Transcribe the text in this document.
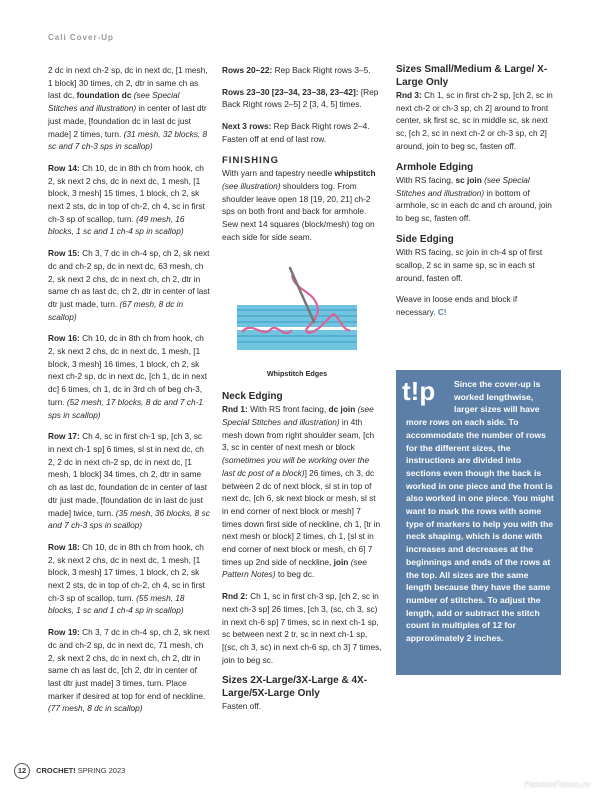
Cali Cover-Up

2 dc in next ch-2 sp, dc in next dc, [1 mesh, 1 block] 30 times, ch 2, dtr in same ch as last dc, foundation dc (see Special Stitches and illustration) in center of last dtr just made, [foundation dc in last dc just made] 2 times, turn. (31 mesh, 32 blocks, 8 sc and 7 ch-3 sps in scallop)

Row 14: Ch 10, dc in 8th ch from hook, ch 2, sk next 2 chs, dc in next dc, 1 mesh, [1 block, 3 mesh] 15 times, 1 block, ch 2, sk next 2 sts, dc in top of ch-2, ch 4, sc in first ch-3 sp of scallop, turn. (49 mesh, 16 blocks, 1 sc and 1 ch-4 sp in scallop)

Row 15: Ch 3, 7 dc in ch-4 sp, ch 2, sk next dc and ch-2 sp, dc in next dc, 63 mesh, ch 2, sk next 2 chs, dc in next ch, ch 2, dtr in same ch as last dc, ch 2, dtr in center of last dtr just made, turn. (67 mesh, 8 dc in scallop)

Row 16: Ch 10, dc in 8th ch from hook, ch 2, sk next 2 chs, dc in next dc, 1 mesh, [1 block, 3 mesh] 16 times, 1 block, ch 2, sk next ch-2 sp, dc in next dc, [ch 1, dc in next dc] 6 times, ch 1, dc in 3rd ch of beg ch-3, turn. (52 mesh, 17 blocks, 8 dc and 7 ch-1 sps in scallop)

Row 17: Ch 4, sc in first ch-1 sp, [ch 3, sc in next ch-1 sp] 6 times, sl st in next dc, ch 2, 2 dc in next ch-2 sp, dc in next dc, [1 mesh, 1 block] 34 times, ch 2, dtr in same ch as last dc, foundation dc in center of last dtr just made, [foundation dc in last dc just made] twice, turn. (35 mesh, 36 blocks, 8 sc and 7 ch-3 sps in scallop)

Row 18: Ch 10, dc in 8th ch from hook, ch 2, sk next 2 chs, dc in next dc, 1 mesh, [1 block, 3 mesh] 17 times, 1 block, ch 2, sk next 2 sts, dc in top of ch-2, ch 4, sc in first ch-3 sp of scallop, turn. (55 mesh, 18 blocks, 1 sc and 1 ch-4 sp in scallop)

Row 19: Ch 3, 7 dc in ch-4 sp, ch 2, sk next dc and ch-2 sp, dc in next dc, 71 mesh, ch 2, sk next 2 chs, dc in next ch, ch 2, dtr in same ch as last dc, [ch 2, dtr in center of last dtr just made] 3 times, turn. Place marker if desired at top for end of neckline. (77 mesh, 8 dc in scallop)

Rows 20–22: Rep Back Right rows 3–5.

Rows 23–30 [23–34, 23–38, 23–42]: [Rep Back Right rows 2–5] 2 [3, 4, 5] times.

Next 3 rows: Rep Back Right rows 2–4. Fasten off at end of last row.

FINISHING

With yarn and tapestry needle whipstitch (see illustration) shoulders tog. From shoulder leave open 18 [19, 20, 21] ch-2 sps on both front and back for armhole. Sew next 14 squares (block/mesh) tog on each side for side seam.

Whipstitch Edges
Neck Edging

Rnd 1: With RS front facing, dc join (see Special Stitches and illustration) in 4th mesh down from right shoulder seam, [ch 3, sc in center of next mesh or block (sometimes you will be working over the last dc post of a block)] 26 times, ch 3, dc between 2 dc of next block, sl st in top of next dc, [ch 6, sk next block or mesh, sl st in end corner of next block or mesh] 7 times down first side of neckline, ch 1, [tr in next mesh or block] 2 times, ch 1, [sl st in end corner of next block or mesh, ch 6] 7 times up 2nd side of neckline, join (see Pattern Notes) to beg dc.

Rnd 2: Ch 1, sc in first ch-3 sp, [ch 2, sc in next ch-3 sp] 26 times, [ch 3, (sc, ch 3, sc) in next ch-6 sp] 7 times, sc in next ch-1 sp, sc between next 2 tr, sc in next ch-1 sp, [(sc, ch 3, sc) in next ch-6 sp, ch 3] 7 times, join to beg sc.

Sizes 2X-Large/3X-Large & 4X-Large/5X-Large Only

Fasten off.

Sizes Small/Medium & Large/ X-Large Only

Rnd 3: Ch 1, sc in first ch-2 sp, [ch 2, sc in next ch-2 or ch-3 sp, ch 2] around to front center, sk first sc, sc in middle sc, sk next sc, [ch 2, sc in next ch-2 or ch-3 sp, ch 2] around, join to beg sc, fasten off.

Armhole Edging

With RS facing, sc join (see Special Stitches and illustration) in bottom of armhole, sc in each dc and ch around, join to beg sc, fasten off.

Side Edging

With RS facing, sc join in ch-4 sp of first scallop, 2 sc in same sp, sc in each st around, fasten off.

Weave in loose ends and block if necessary. C!

t!p	Since the cover-up is worked lengthwise, larger sizes will have more rows on each side. To accommodate the number of rows for the different sizes, the instructions are divided into sections even though the back is worked in one piece and the front is also worked in one piece. You might want to mark the rows with some type of markers to help you with the neck shaping, which is done with increases and decreases at the beginnings and ends of the rows at the top. All sizes are the same length because they have the same number of stitches. To adjust the length, add or subtract the stitch count in multiples of 12 for approximately 2 inches.
12 CROCHET! SPRING 2023
PassionForum.ru
